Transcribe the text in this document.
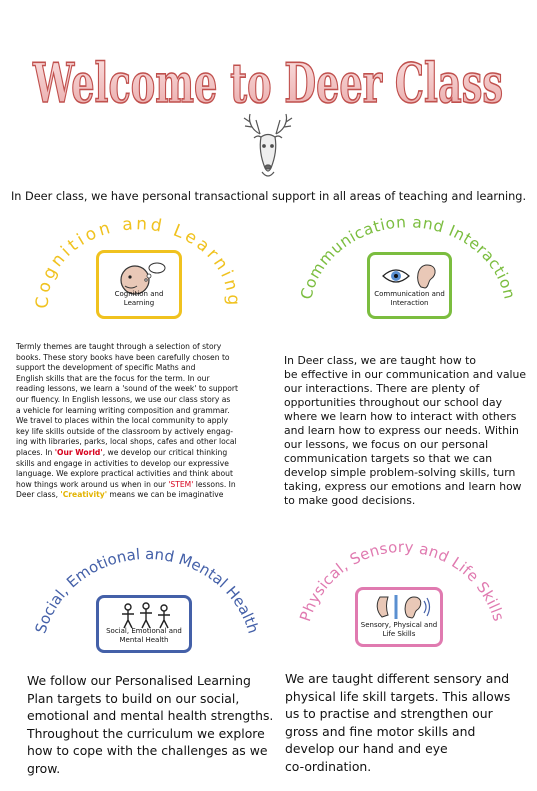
Welcome to Deer Class
In Deer class, we have personal transactional support in all areas of teaching and learning.
Cognition and Learning
Cognition and Learning
Communication and Interaction
Communication and Interaction
Termly themes are taught through a selection of story
books. These story books have been carefully chosen to
support the development of specific Maths and
English skills that are the focus for the term. In our
reading lessons, we learn a 'sound of the week' to support
our fluency. In English lessons, we use our class story as
a vehicle for learning writing composition and grammar.
We travel to places within the local community to apply
key life skills outside of the classroom by actively engag-
ing with libraries, parks, local shops, cafes and other local
places. In 'Our World', we develop our critical thinking
skills and engage in activities to develop our expressive
language. We explore practical activities and think about
how things work around us when in our 'STEM' lessons. In
Deer class, 'Creativity' means we can be imaginative
In Deer class, we are taught how to
be effective in our communication and value
our interactions. There are plenty of
opportunities throughout our school day
where we learn how to interact with others
and learn how to express our needs. Within
our lessons, we focus on our personal
communication targets so that we can
develop simple problem-solving skills, turn
taking, express our emotions and learn how
to make good decisions.
Social, Emotional and Mental Health
Social, Emotional and Mental Health
Physical, Sensory and Life Skills
Sensory, Physical and Life Skills
We follow our Personalised Learning
Plan targets to build on our social,
emotional and mental health strengths.
Throughout the curriculum we explore
how to cope with the challenges as we
grow.
We are taught different sensory and
physical life skill targets. This allows
us to practise and strengthen our
gross and fine motor skills and
develop our hand and eye
co-ordination.
